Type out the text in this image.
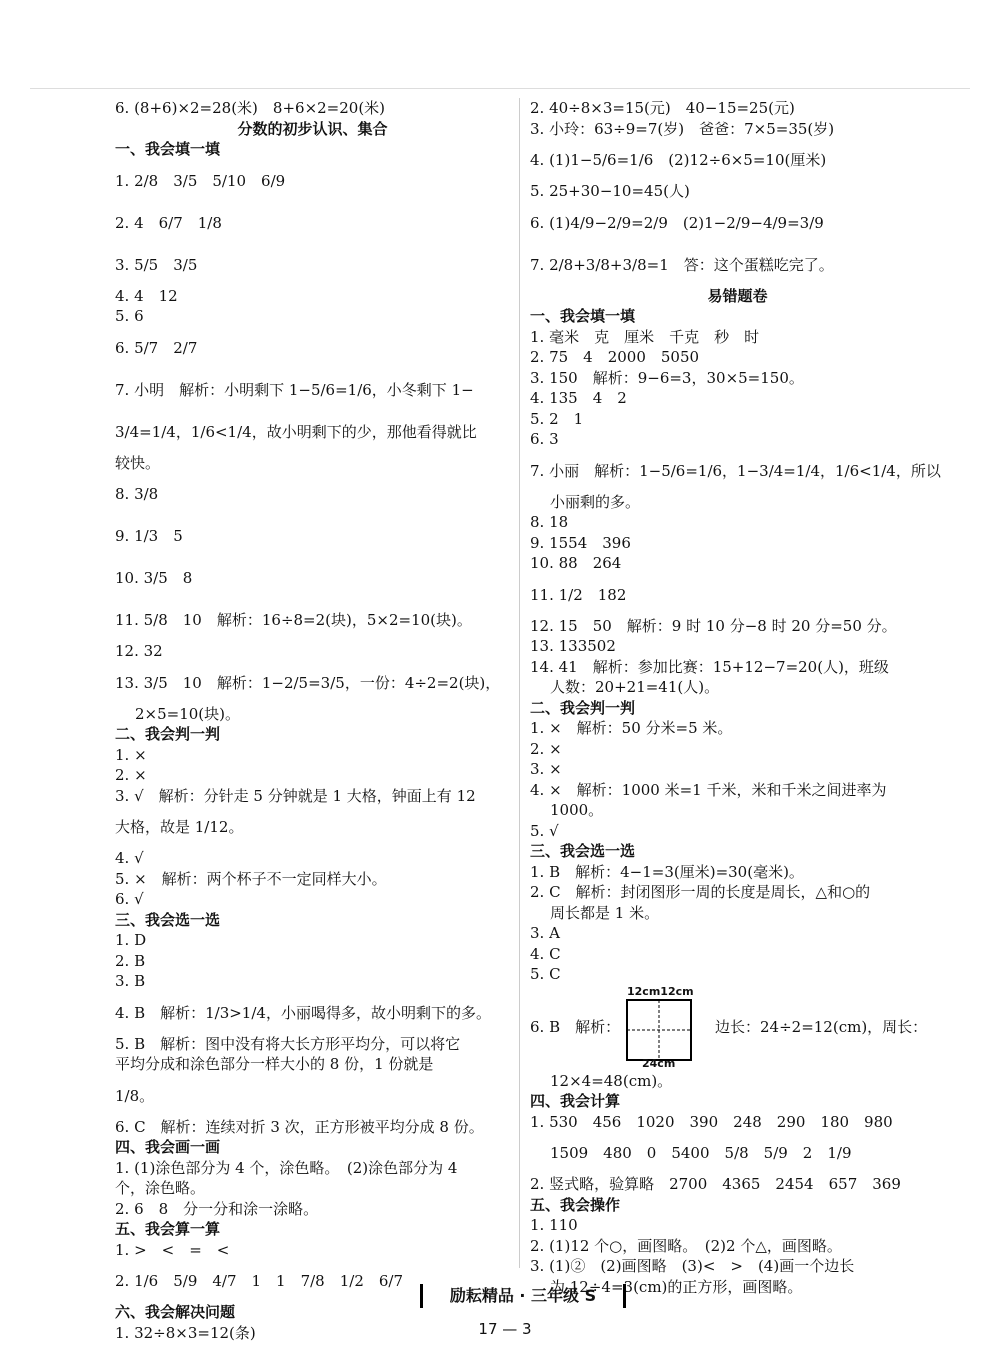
6. (8+6)×2=28(米)　8+6×2=20(米)
分数的初步认识、集合
一、我会填一填
1. 2/8　3/5　5/10　6/9
2. 4　6/7　1/8
3. 5/5　3/5
4. 4　12
5. 6
6. 5/7　2/7
7. 小明　解析：小明剩下 1−5/6=1/6，小冬剩下 1−
3/4=1/4，1/6<1/4，故小明剩下的少，那他看得就比
较快。
8. 3/8
9. 1/3　5
10. 3/5　8
11. 5/8　10　解析：16÷8=2(块)，5×2=10(块)。
12. 32
13. 3/5　10　解析：1−2/5=3/5，一份：4÷2=2(块)，
2×5=10(块)。
二、我会判一判
1. ×
2. ×
3. √　解析：分针走 5 分钟就是 1 大格，钟面上有 12
大格，故是 1/12。
4. √
5. ×　解析：两个杯子不一定同样大小。
6. √
三、我会选一选
1. D
2. B
3. B
4. B　解析：1/3>1/4，小丽喝得多，故小明剩下的多。
5. B　解析：图中没有将大长方形平均分，可以将它
平均分成和涂色部分一样大小的 8 份，1 份就是
1/8。
6. C　解析：连续对折 3 次，正方形被平均分成 8 份。
四、我会画一画
1. (1)涂色部分为 4 个，涂色略。　(2)涂色部分为 4
个，涂色略。
2. 6　8　分一分和涂一涂略。
五、我会算一算
1. >　<　=　<
2. 1/6　5/9　4/7　1　1　7/8　1/2　6/7
六、我会解决问题
1. 32÷8×3=12(条)
2. 40÷8×3=15(元)　40−15=25(元)
3. 小玲：63÷9=7(岁)　爸爸：7×5=35(岁)
4. (1)1−5/6=1/6　(2)12÷6×5=10(厘米)
5. 25+30−10=45(人)
6. (1)4/9−2/9=2/9　(2)1−2/9−4/9=3/9
7. 2/8+3/8+3/8=1　答：这个蛋糕吃完了。
易错题卷
一、我会填一填
1. 毫米　克　厘米　千克　秒　时
2. 75　4　2000　5050
3. 150　解析：9−6=3，30×5=150。
4. 135　4　2
5. 2　1
6. 3
7. 小丽　解析：1−5/6=1/6，1−3/4=1/4，1/6<1/4，所以
小丽剩的多。
8. 18
9. 1554　396
10. 88　264
11. 1/2　182
12. 15　50　解析：9 时 10 分−8 时 20 分=50 分。
13. 133502
14. 41　解析：参加比赛：15+12−7=20(人)，班级
人数：20+21=41(人)。
二、我会判一判
1. ×　解析：50 分米=5 米。
2. ×
3. ×
4. ×　解析：1000 米=1 千米，米和千米之间进率为
1000。
5. √
三、我会选一选
1. B　解析：4−1=3(厘米)=30(毫米)。
2. C　解析：封闭图形一周的长度是周长，△和○的
周长都是 1 米。
3. A
4. C
5. C
6. B　解析：
12cm12cm
24cm
边长：24÷2=12(cm)，周长：
12×4=48(cm)。
四、我会计算
1. 530　456　1020　390　248　290　180　980
1509　480　0　5400　5/8　5/9　2　1/9
2. 竖式略，验算略　2700　4365　2454　657　369
五、我会操作
1. 110
2. (1)12 个○，画图略。　(2)2 个△，画图略。
3. (1)②　(2)画图略　(3)<　>　(4)画一个边长
为 12÷4=3(cm)的正方形，画图略。
励耘精品 · 三年级 S
17 — 3
